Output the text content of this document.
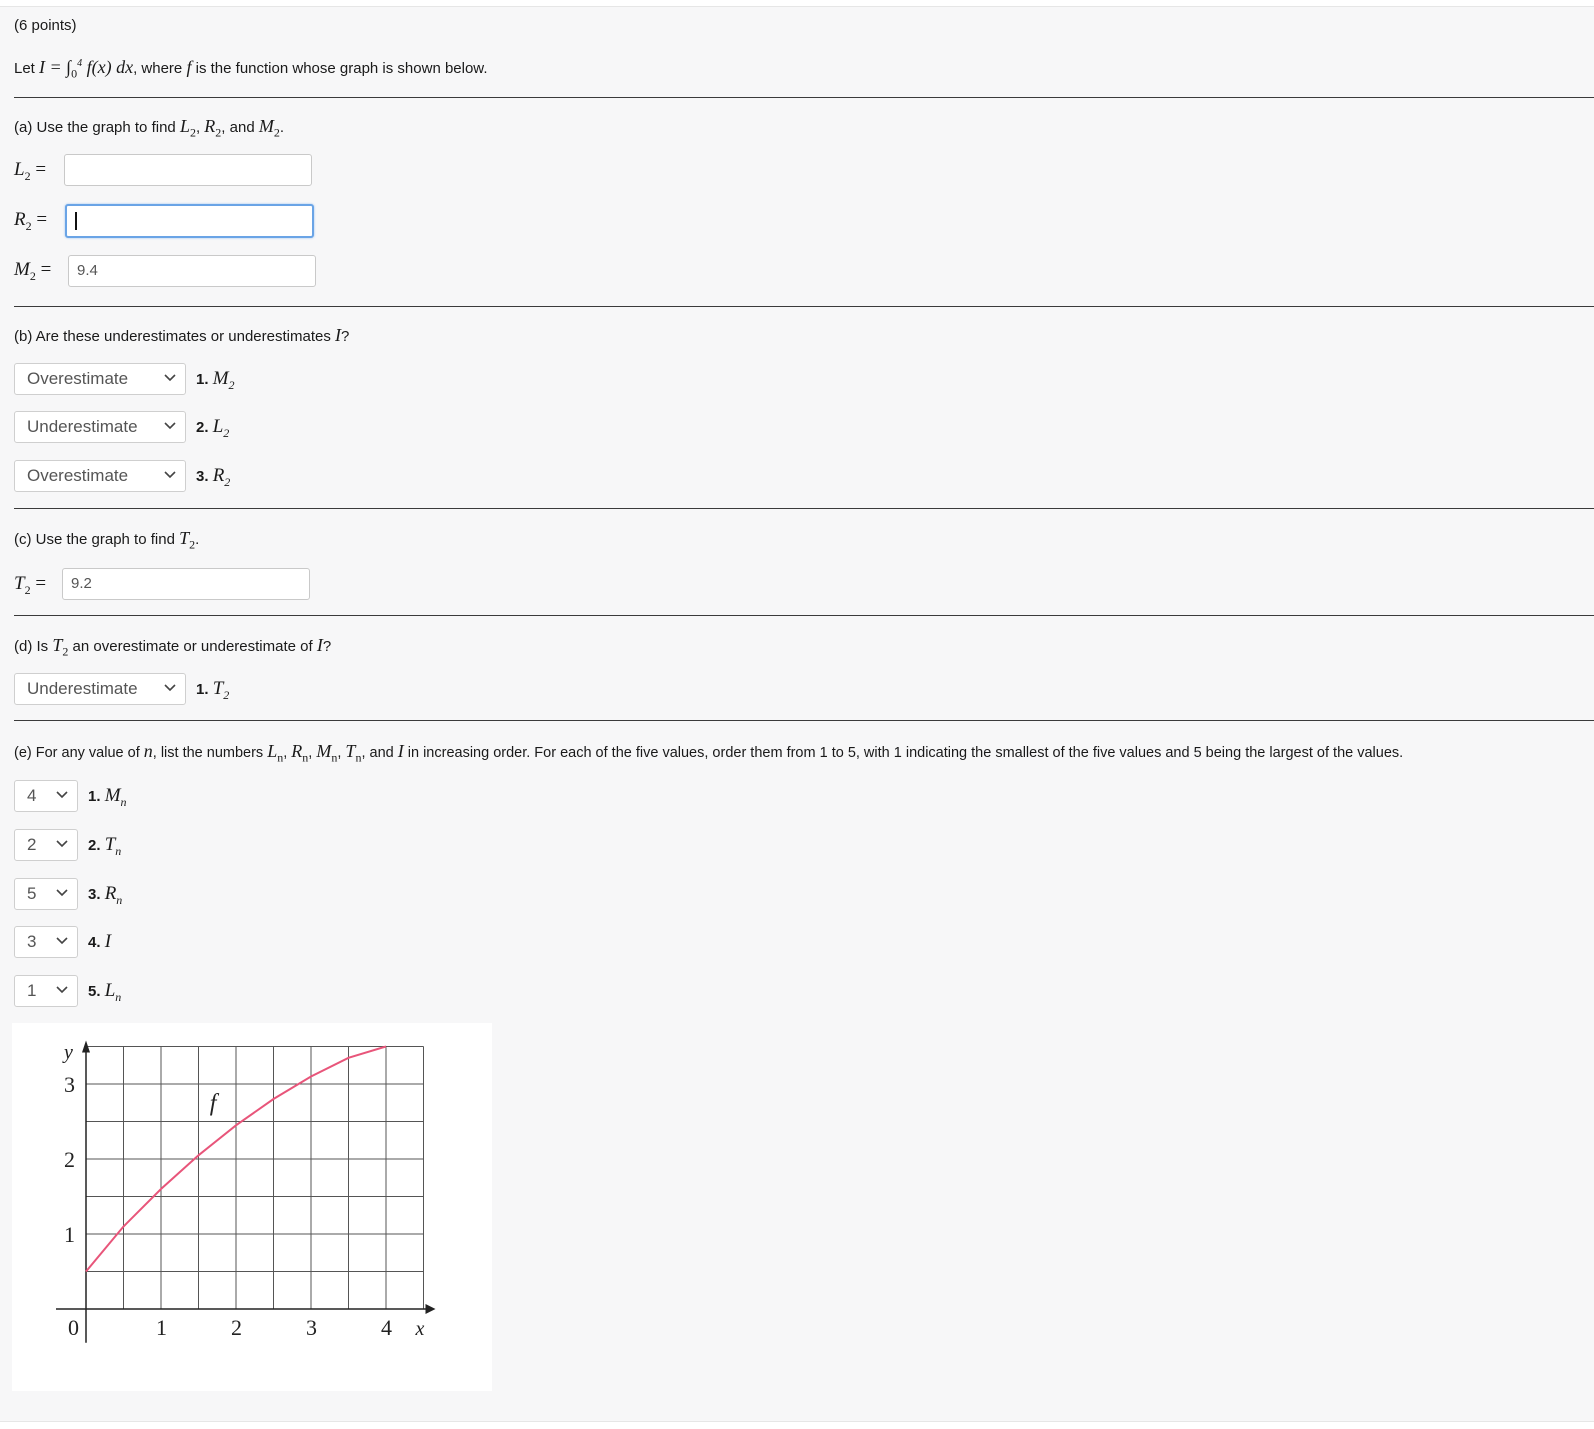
(6 points)
Let $I = \int_0^4$ f(x) dx, where f is the function whose graph is shown below.
(a) Use the graph to find $L_2$, $R_2$, and $M_2$.
$L_2$ =
$R_2$ =
$M_2$ =	9.4
(b) Are these underestimates or underestimates I?
Overestimate	1. $M_2$
Underestimate	2. $L_2$
Overestimate	3. $R_2$
(c) Use the graph to find $T_2$.
$T_2$ =	9.2
(d) Is $T_2$ an overestimate or underestimate of I?
Underestimate	1. $T_2$
(e) For any value of n, list the numbers $L_n$, $R_n$, $M_n$, $T_n$, and I in increasing order. For each of the five values, order them from 1 to 5, with 1 indicating the smallest of the five values and 5 being the largest of the values.
4	1. $M_n$
2	2. $T_n$
5	3. $R_n$
3	4. I
1	5. $L_n$
0	1	2	3	4
1
2
3
x
y
f
